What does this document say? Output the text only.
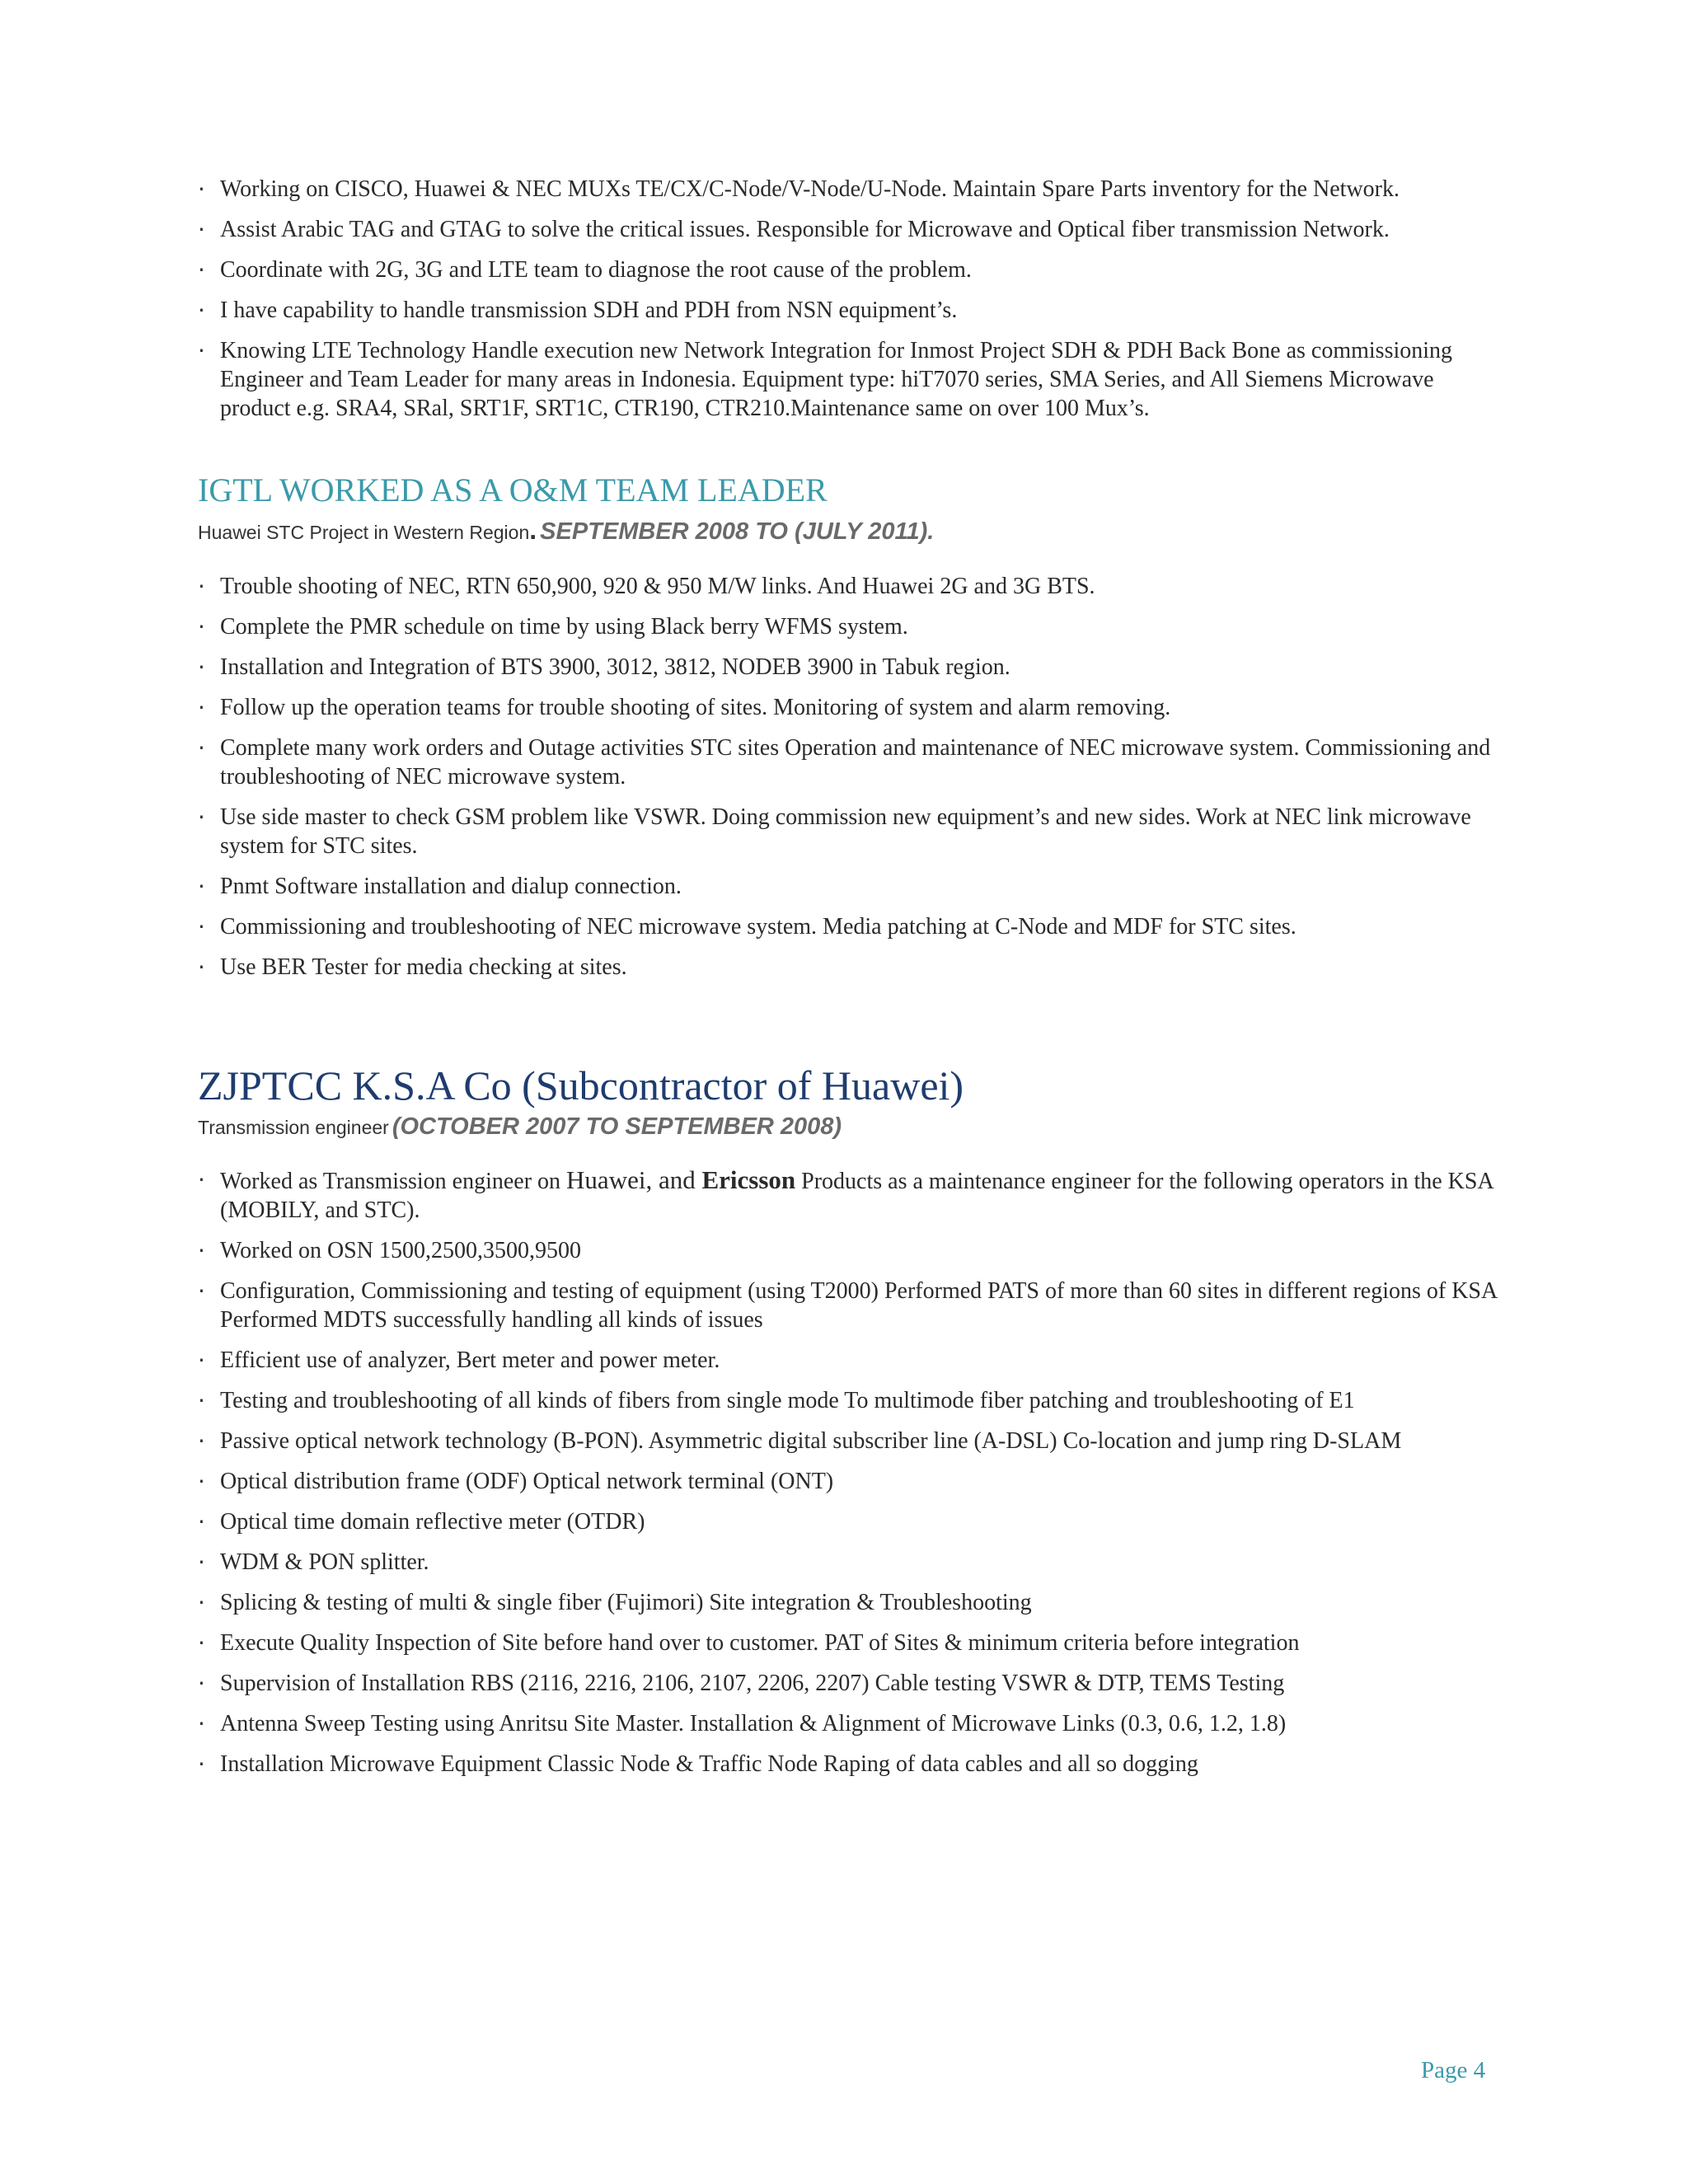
· Working on CISCO, Huawei & NEC MUXs TE/CX/C-Node/V-Node/U-Node. Maintain Spare Parts inventory for the Network.
· Assist Arabic TAG and GTAG to solve the critical issues. Responsible for Microwave and Optical fiber transmission Network.
· Coordinate with 2G, 3G and LTE team to diagnose the root cause of the problem.
· I have capability to handle transmission SDH and PDH from NSN equipment’s.
· Knowing LTE Technology Handle execution new Network Integration for Inmost Project SDH & PDH Back Bone as commissioning Engineer and Team Leader for many areas in Indonesia. Equipment type: hiT7070 series, SMA Series, and All Siemens Microwave product e.g. SRA4, SRal, SRT1F, SRT1C, CTR190, CTR210.Maintenance same on over 100 Mux’s.
IGTL WORKED AS A O&M TEAM LEADER

Huawei STC Project in Western Region. SEPTEMBER 2008 TO (JULY 2011).

· Trouble shooting of NEC, RTN 650,900, 920 & 950 M/W links. And Huawei 2G and 3G BTS.
· Complete the PMR schedule on time by using Black berry WFMS system.
· Installation and Integration of BTS 3900, 3012, 3812, NODEB 3900 in Tabuk region.
· Follow up the operation teams for trouble shooting of sites. Monitoring of system and alarm removing.
· Complete many work orders and Outage activities STC sites Operation and maintenance of NEC microwave system. Commissioning and troubleshooting of NEC microwave system.
· Use side master to check GSM problem like VSWR. Doing commission new equipment’s and new sides. Work at NEC link microwave system for STC sites.
· Pnmt Software installation and dialup connection.
· Commissioning and troubleshooting of NEC microwave system. Media patching at C-Node and MDF for STC sites.
· Use BER Tester for media checking at sites.
ZJPTCC K.S.A Co (Subcontractor of Huawei)

Transmission engineer (OCTOBER 2007 TO SEPTEMBER 2008)

· Worked as Transmission engineer on Huawei, and Ericsson Products as a maintenance engineer for the following operators in the KSA (MOBILY, and STC).
· Worked on OSN 1500,2500,3500,9500
· Configuration, Commissioning and testing of equipment (using T2000) Performed PATS of more than 60 sites in different regions of KSA Performed MDTS successfully handling all kinds of issues
· Efficient use of analyzer, Bert meter and power meter.
· Testing and troubleshooting of all kinds of fibers from single mode To multimode fiber patching and troubleshooting of E1
· Passive optical network technology (B-PON). Asymmetric digital subscriber line (A-DSL) Co-location and jump ring D-SLAM
· Optical distribution frame (ODF) Optical network terminal (ONT)
· Optical time domain reflective meter (OTDR)
· WDM & PON splitter.
· Splicing & testing of multi & single fiber (Fujimori) Site integration & Troubleshooting
· Execute Quality Inspection of Site before hand over to customer. PAT of Sites & minimum criteria before integration
· Supervision of Installation RBS (2116, 2216, 2106, 2107, 2206, 2207) Cable testing VSWR & DTP, TEMS Testing
· Antenna Sweep Testing using Anritsu Site Master. Installation & Alignment of Microwave Links (0.3, 0.6, 1.2, 1.8)
· Installation Microwave Equipment Classic Node & Traffic Node Raping of data cables and all so dogging
Page 4
